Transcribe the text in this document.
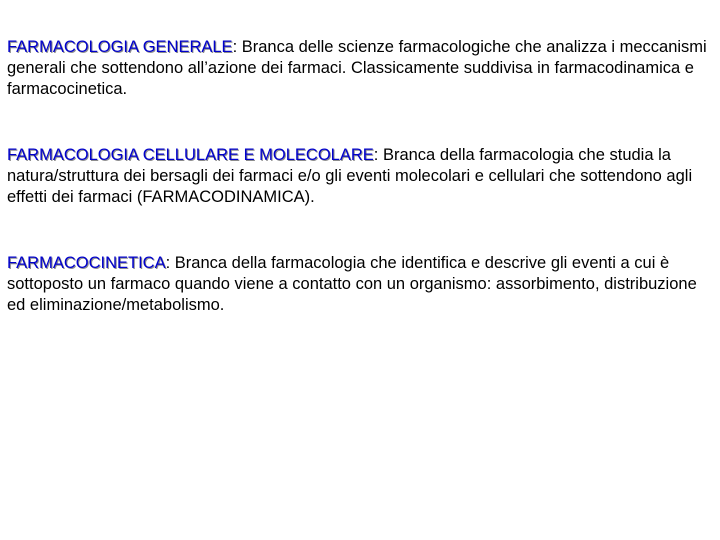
FARMACOLOGIA GENERALE: Branca delle scienze farmacologiche che analizza i meccanismi generali che sottendono all’azione dei farmaci. Classicamente suddivisa in farmacodinamica e farmacocinetica.

FARMACOLOGIA CELLULARE E MOLECOLARE: Branca della farmacologia che studia la natura/struttura dei bersagli dei farmaci e/o gli eventi molecolari e cellulari che sottendono agli effetti dei farmaci (FARMACODINAMICA).

FARMACOCINETICA: Branca della farmacologia che identifica e descrive gli eventi a cui è sottoposto un farmaco quando viene a contatto con un organismo: assorbimento, distribuzione ed eliminazione/metabolismo.
